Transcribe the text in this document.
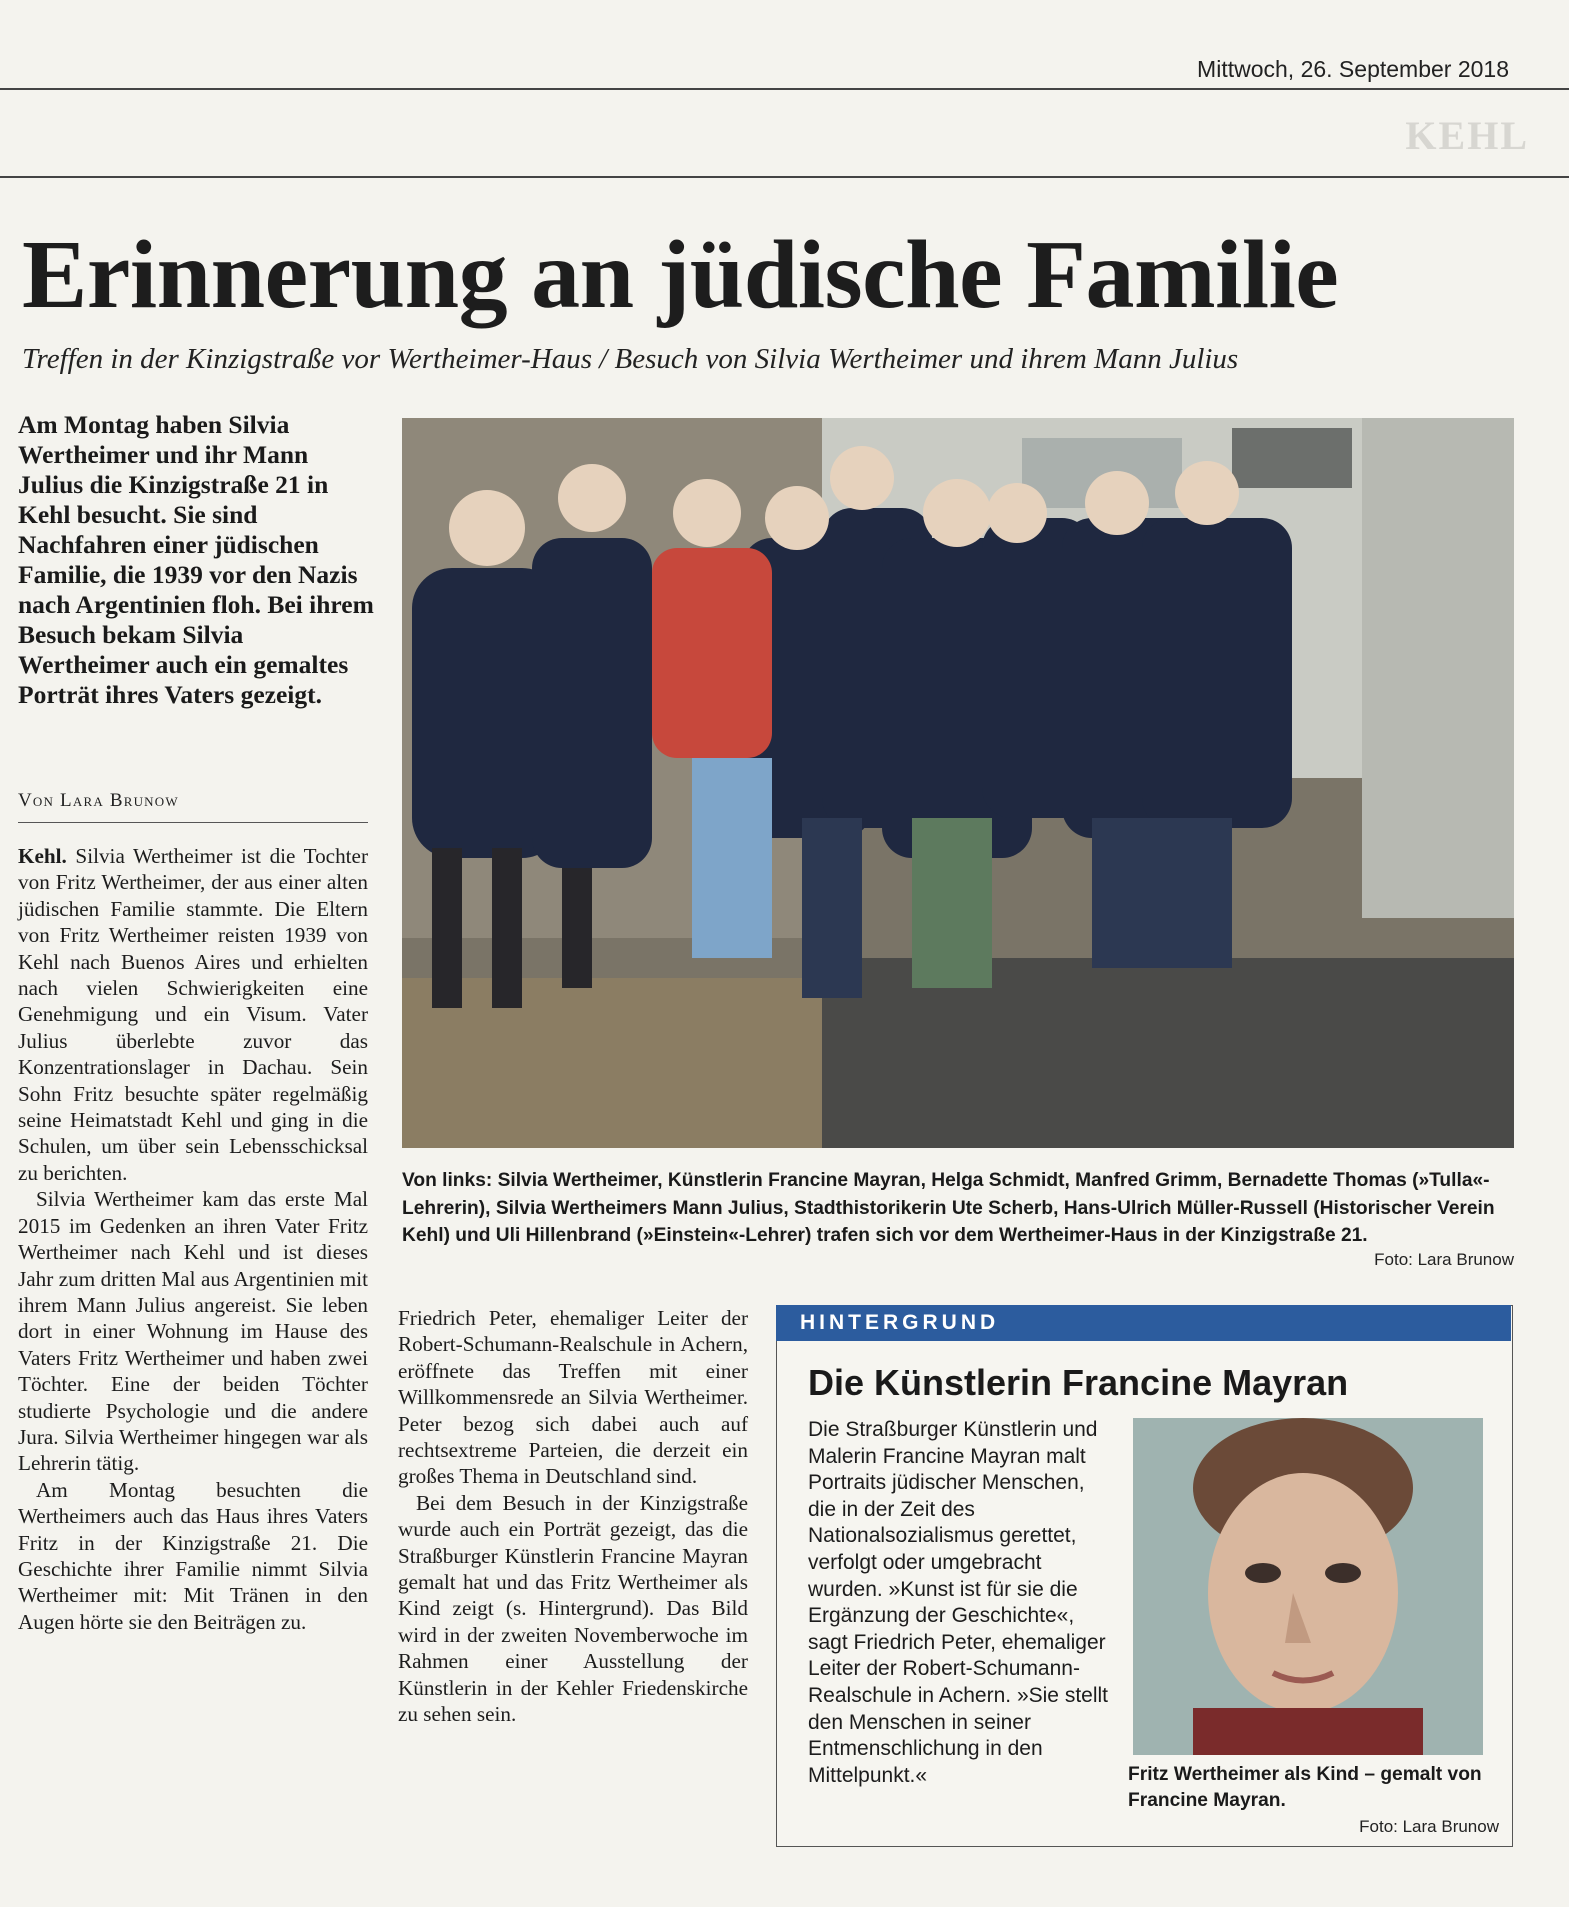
Mittwoch, 26. September 2018
KEHL
Erinnerung an jüdische Familie
Treffen in der Kinzigstraße vor Wertheimer-Haus / Besuch von Silvia Wertheimer und ihrem Mann Julius
Am Montag haben Silvia Wertheimer und ihr Mann Julius die Kinzigstraße 21 in Kehl besucht. Sie sind Nachfahren einer jüdischen Familie, die 1939 vor den Nazis nach Argentinien floh. Bei ihrem Besuch bekam Silvia Wertheimer auch ein gemaltes Porträt ihres Vaters gezeigt.
Von Lara Brunow

Kehl. Silvia Wertheimer ist die Tochter von Fritz Wertheimer, der aus einer alten jüdischen Familie stammte. Die Eltern von Fritz Wertheimer reisten 1939 von Kehl nach Buenos Aires und erhielten nach vielen Schwierigkeiten eine Genehmigung und ein Visum. Vater Julius überlebte zuvor das Konzentrationslager in Dachau. Sein Sohn Fritz besuchte später regelmäßig seine Heimatstadt Kehl und ging in die Schulen, um über sein Lebensschicksal zu berichten.

Silvia Wertheimer kam das erste Mal 2015 im Gedenken an ihren Vater Fritz Wertheimer nach Kehl und ist dieses Jahr zum dritten Mal aus Argentinien mit ihrem Mann Julius angereist. Sie leben dort in einer Wohnung im Hause des Vaters Fritz Wertheimer und haben zwei Töchter. Eine der beiden Töchter studierte Psychologie und die andere Jura. Silvia Wertheimer hingegen war als Lehrerin tätig.

Am Montag besuchten die Wertheimers auch das Haus ihres Vaters Fritz in der Kinzigstraße 21. Die Geschichte ihrer Familie nimmt Silvia Wertheimer mit: Mit Tränen in den Augen hörte sie den Beiträgen zu.

Von links: Silvia Wertheimer, Künstlerin Francine Mayran, Helga Schmidt, Manfred Grimm, Bernadette Thomas (»Tulla«-Lehrerin), Silvia Wertheimers Mann Julius, Stadthistorikerin Ute Scherb, Hans-Ulrich Müller-Russell (Historischer Verein Kehl) und Uli Hillenbrand (»Einstein«-Lehrer) trafen sich vor dem Wertheimer-Haus in der Kinzigstraße 21.
Foto: Lara Brunow

Friedrich Peter, ehemaliger Leiter der Robert-Schumann-Realschule in Achern, eröffnete das Treffen mit einer Willkommensrede an Silvia Wertheimer. Peter bezog sich dabei auch auf rechtsextreme Parteien, die derzeit ein großes Thema in Deutschland sind.

Bei dem Besuch in der Kinzigstraße wurde auch ein Porträt gezeigt, das die Straßburger Künstlerin Francine Mayran gemalt hat und das Fritz Wertheimer als Kind zeigt (s. Hintergrund). Das Bild wird in der zweiten Novemberwoche im Rahmen einer Ausstellung der Künstlerin in der Kehler Friedenskirche zu sehen sein.

HINTERGRUND
Die Künstlerin Francine Mayran
Die Straßburger Künstlerin und Malerin Francine Mayran malt Portraits jüdischer Menschen, die in der Zeit des Nationalsozialismus gerettet, verfolgt oder umgebracht wurden. »Kunst ist für sie die Ergänzung der Geschichte«, sagt Friedrich Peter, ehemaliger Leiter der Robert-Schumann-Realschule in Achern. »Sie stellt den Menschen in seiner Entmenschlichung in den Mittelpunkt.«	Fritz Wertheimer als Kind – gemalt von Francine Mayran.
Foto: Lara Brunow
